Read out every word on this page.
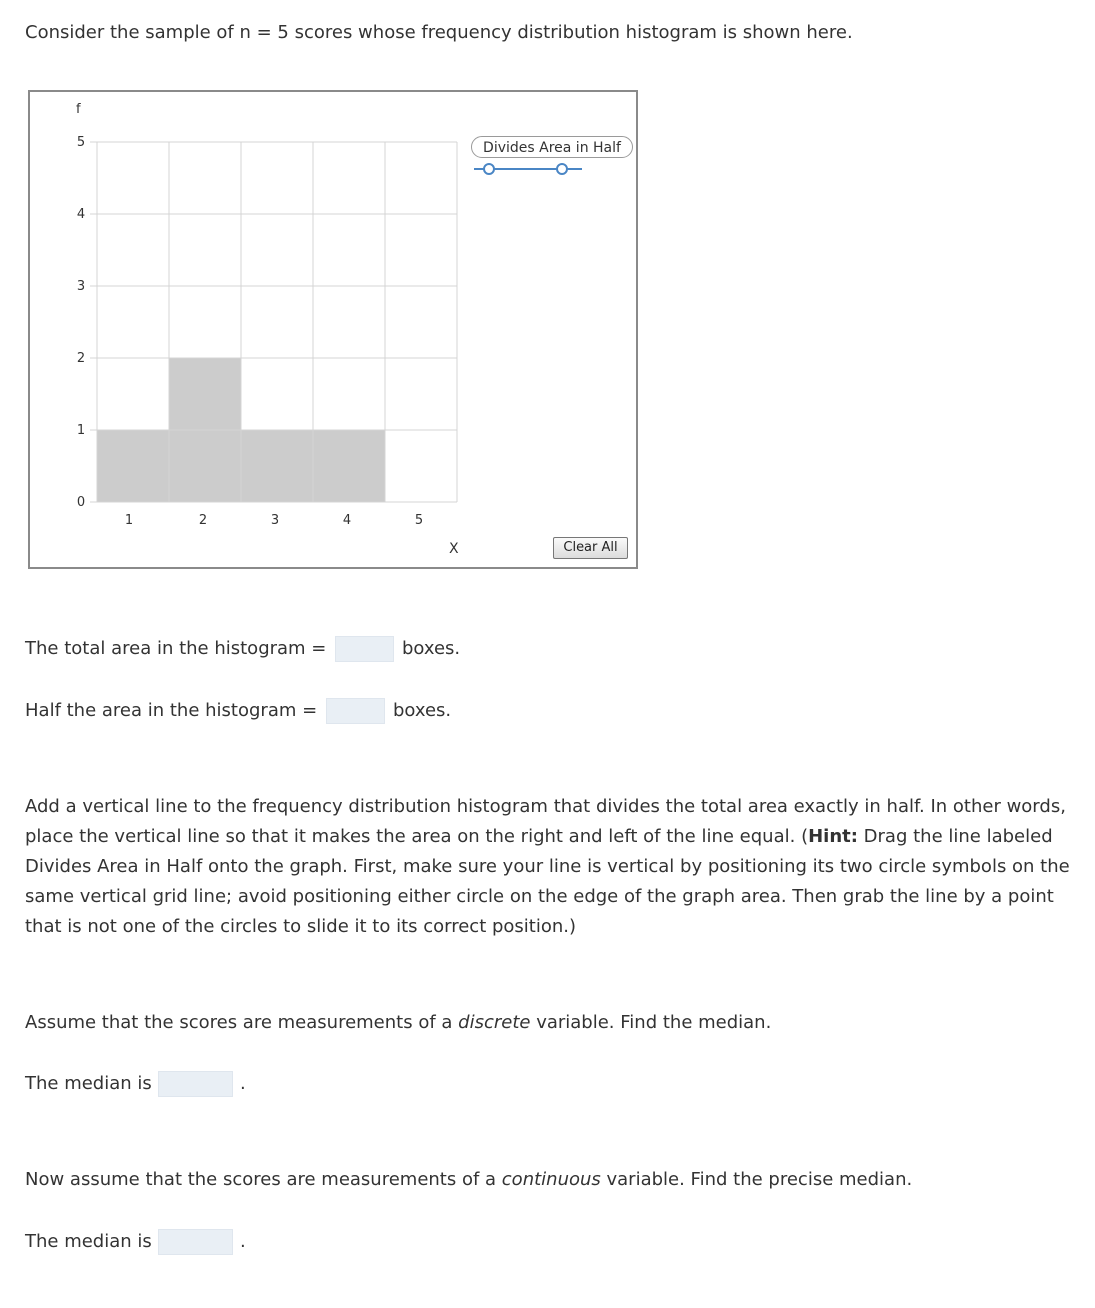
Consider the sample of n = 5 scores whose frequency distribution histogram is shown here.
0
1
2
3
4
5
1	2	3	4	5
f
X
Divides Area in Half
Clear All
The total area in the histogram =	boxes.
Half the area in the histogram =	boxes.
Add a vertical line to the frequency distribution histogram that divides the total area exactly in half. In other words, place the vertical line so that it makes the area on the right and left of the line equal. (Hint: Drag the line labeled Divides Area in Half onto the graph. First, make sure your line is vertical by positioning its two circle symbols on the same vertical grid line; avoid positioning either circle on the edge of the graph area. Then grab the line by a point that is not one of the circles to slide it to its correct position.)
Assume that the scores are measurements of a discrete variable. Find the median.
The median is	.
Now assume that the scores are measurements of a continuous variable. Find the precise median.
The median is	.
